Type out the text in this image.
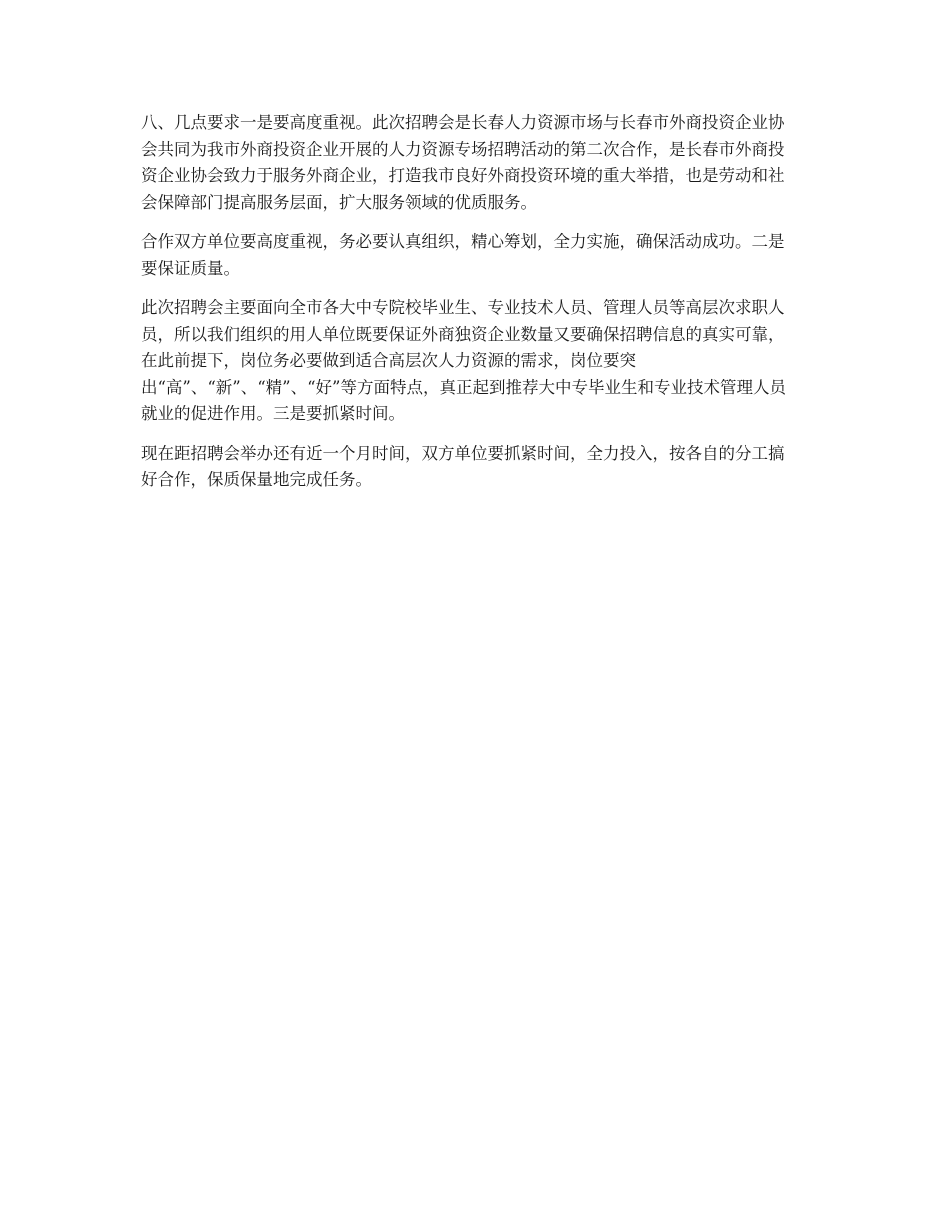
八、几点要求一是要高度重视。此次招聘会是长春人力资源市场与长春市外商投资企业协
会共同为我市外商投资企业开展的人力资源专场招聘活动的第二次合作，是长春市外商投
资企业协会致力于服务外商企业，打造我市良好外商投资环境的重大举措，也是劳动和社
会保障部门提高服务层面，扩大服务领域的优质服务。

合作双方单位要高度重视，务必要认真组织，精心筹划，全力实施，确保活动成功。二是
要保证质量。

此次招聘会主要面向全市各大中专院校毕业生、专业技术人员、管理人员等高层次求职人
员，所以我们组织的用人单位既要保证外商独资企业数量又要确保招聘信息的真实可靠，
在此前提下，岗位务必要做到适合高层次人力资源的需求，岗位要突
出“高”、“新”、“精”、“好”等方面特点，真正起到推荐大中专毕业生和专业技术管理人员
就业的促进作用。三是要抓紧时间。

现在距招聘会举办还有近一个月时间，双方单位要抓紧时间，全力投入，按各自的分工搞
好合作，保质保量地完成任务。
